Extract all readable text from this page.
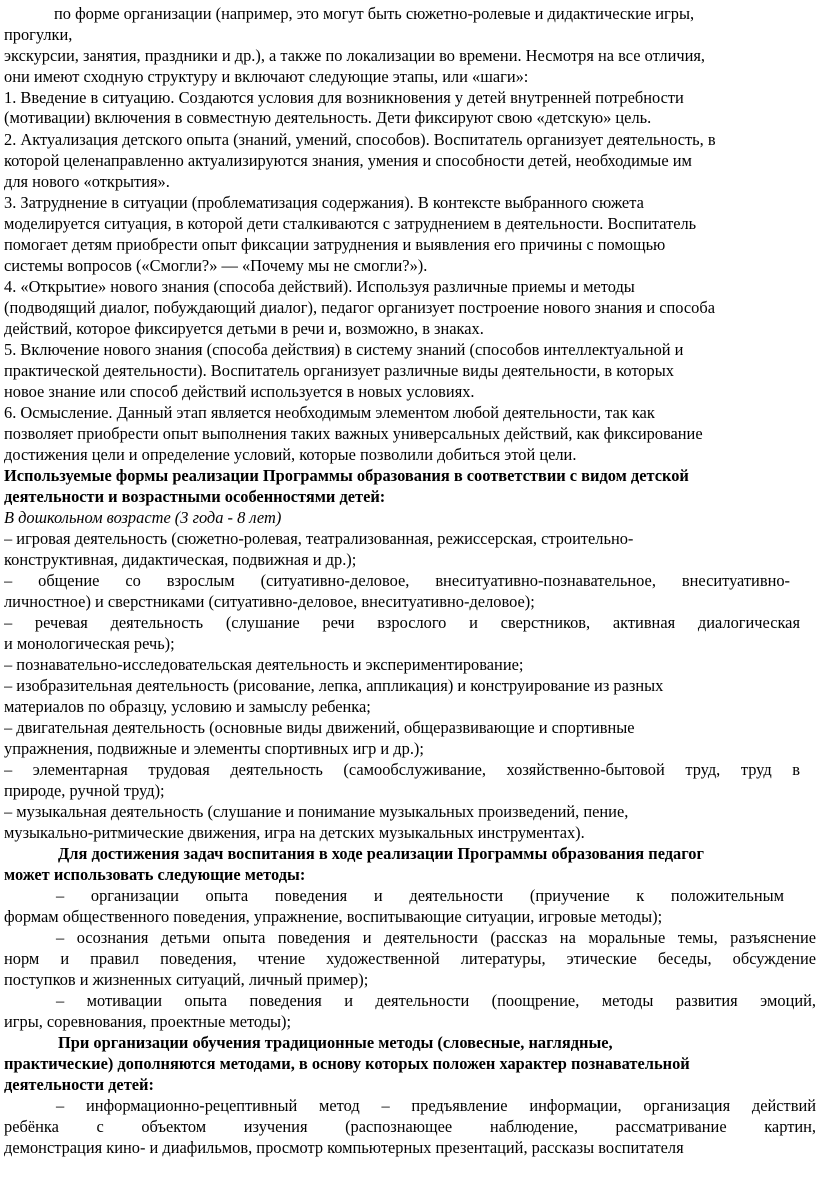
по форме организации (например, это могут быть сюжетно-ролевые и дидактические игры,
прогулки,
экскурсии, занятия, праздники и др.), а также по локализации во времени. Несмотря на все отличия,
они имеют сходную структуру и включают следующие этапы, или «шаги»:
1. Введение в ситуацию. Создаются условия для возникновения у детей внутренней потребности
(мотивации) включения в совместную деятельность. Дети фиксируют свою «детскую» цель.
2. Актуализация детского опыта (знаний, умений, способов). Воспитатель организует деятельность, в
которой целенаправленно актуализируются знания, умения и способности детей, необходимые им
для нового «открытия».
3. Затруднение в ситуации (проблематизация содержания). В контексте выбранного сюжета
моделируется ситуация, в которой дети сталкиваются с затруднением в деятельности. Воспитатель
помогает детям приобрести опыт фиксации затруднения и выявления его причины с помощью
системы вопросов («Смогли?» — «Почему мы не смогли?»).
4. «Открытие» нового знания (способа действий). Используя различные приемы и методы
(подводящий диалог, побуждающий диалог), педагог организует построение нового знания и способа
действий, которое фиксируется детьми в речи и, возможно, в знаках.
5. Включение нового знания (способа действия) в систему знаний (способов интеллектуальной и
практической деятельности). Воспитатель организует различные виды деятельности, в которых
новое знание или способ действий используется в новых условиях.
6. Осмысление. Данный этап является необходимым элементом любой деятельности, так как
позволяет приобрести опыт выполнения таких важных универсальных действий, как фиксирование
достижения цели и определение условий, которые позволили добиться этой цели.
Используемые формы реализации Программы образования в соответствии с видом детской
деятельности и возрастными особенностями детей:
В дошкольном возрасте (3 года - 8 лет)
– игровая деятельность (сюжетно-ролевая, театрализованная, режиссерская, строительно-
конструктивная, дидактическая, подвижная и др.);
– общение со взрослым (ситуативно-деловое, внеситуативно-познавательное, внеситуативно-
личностное) и сверстниками (ситуативно-деловое, внеситуативно-деловое);
– речевая деятельность (слушание речи взрослого и сверстников, активная диалогическая
и монологическая речь);
– познавательно-исследовательская деятельность и экспериментирование;
– изобразительная деятельность (рисование, лепка, аппликация) и конструирование из разных
материалов по образцу, условию и замыслу ребенка;
– двигательная деятельность (основные виды движений, общеразвивающие и спортивные
упражнения, подвижные и элементы спортивных игр и др.);
– элементарная трудовая деятельность (самообслуживание, хозяйственно-бытовой труд, труд в
природе, ручной труд);
– музыкальная деятельность (слушание и понимание музыкальных произведений, пение,
музыкально-ритмические движения, игра на детских музыкальных инструментах).
Для достижения задач воспитания в ходе реализации Программы образования педагог
может использовать следующие методы:
– организации опыта поведения и деятельности (приучение к положительным
формам общественного поведения, упражнение, воспитывающие ситуации, игровые методы);
– осознания детьми опыта поведения и деятельности (рассказ на моральные темы, разъяснение
норм и правил поведения, чтение художественной литературы, этические беседы, обсуждение
поступков и жизненных ситуаций, личный пример);
– мотивации опыта поведения и деятельности (поощрение, методы развития эмоций,
игры, соревнования, проектные методы);
При организации обучения традиционные методы (словесные, наглядные,
практические) дополняются методами, в основу которых положен характер познавательной
деятельности детей:
– информационно-рецептивный метод – предъявление информации, организация действий
ребёнка с объектом изучения (распознающее наблюдение, рассматривание картин,
демонстрация кино- и диафильмов, просмотр компьютерных презентаций, рассказы воспитателя
